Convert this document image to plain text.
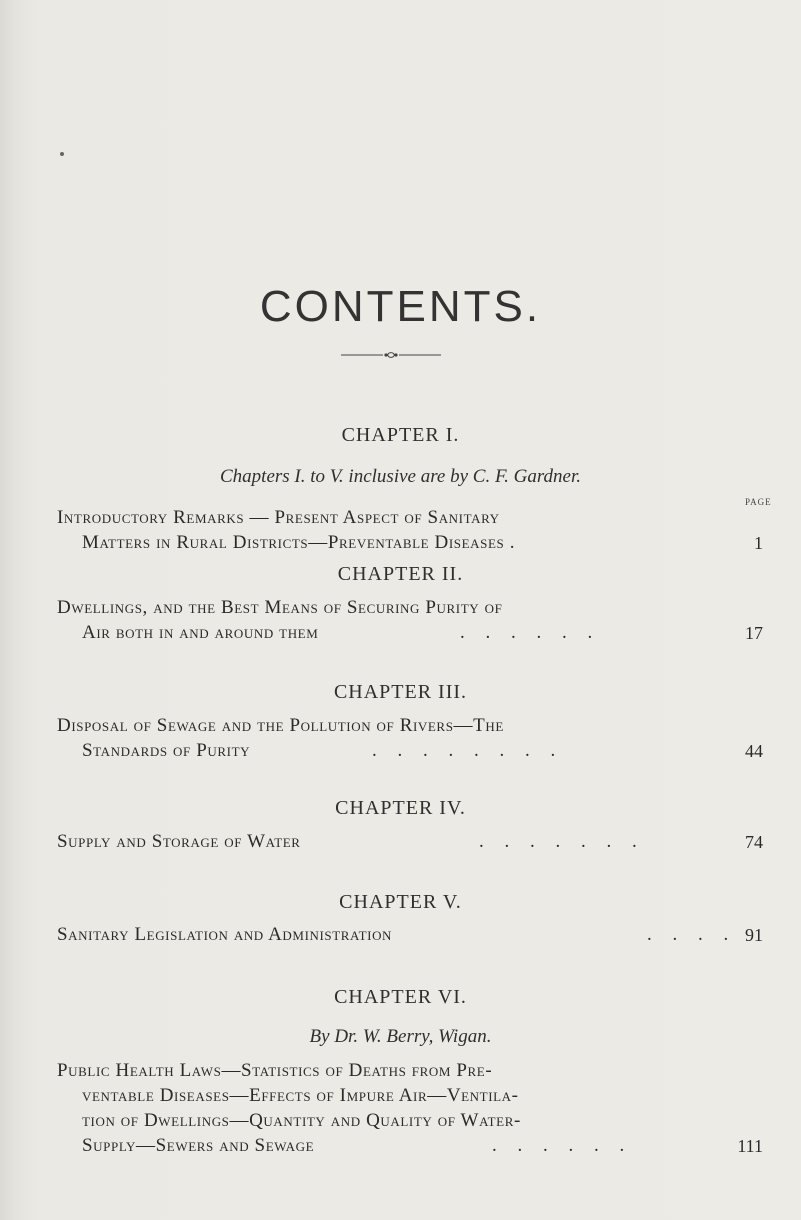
CONTENTS.
CHAPTER I.
Chapters I. to V. inclusive are by C. F. Gardner.
PAGE
Introductory Remarks — Present Aspect of Sanitary
Matters in Rural Districts—Preventable Diseases .	1
CHAPTER II.
Dwellings, and the Best Means of Securing Purity of
Air both in and around them	. . . . . .	17
CHAPTER III.
Disposal of Sewage and the Pollution of Rivers—The
Standards of Purity	. . . . . . . .	44
CHAPTER IV.
Supply and Storage of Water	. . . . . . .	74
CHAPTER V.
Sanitary Legislation and Administration	. . . . 91
CHAPTER VI.
By Dr. W. Berry, Wigan.
Public Health Laws—Statistics of Deaths from Pre-
ventable Diseases—Effects of Impure Air—Ventila-
tion of Dwellings—Quantity and Quality of Water-
Supply—Sewers and Sewage	. . . . . .	111
